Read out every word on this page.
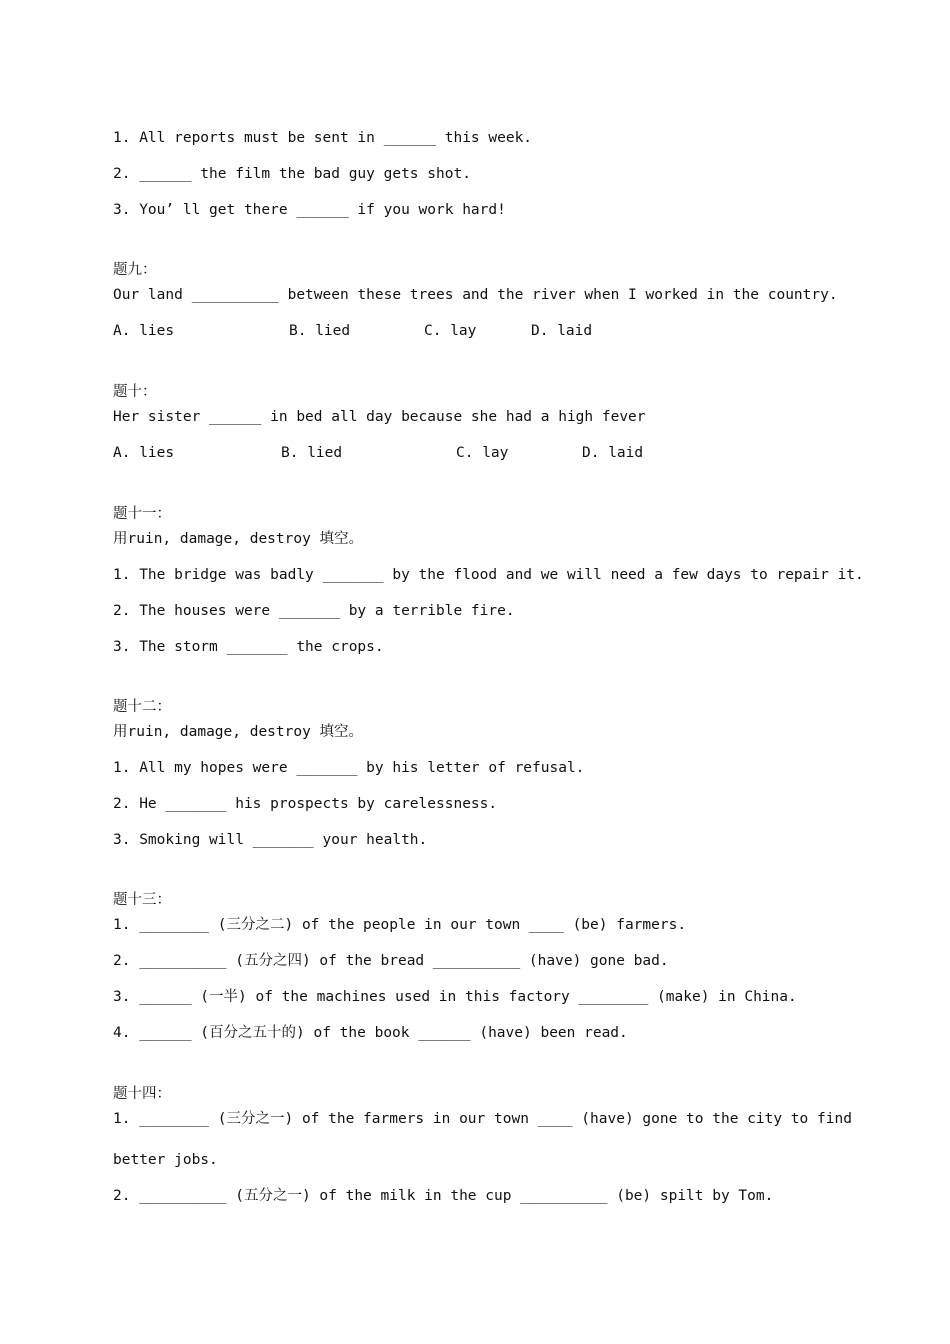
1. All reports must be sent in ______ this week.
2. ______ the film the bad guy gets shot.
3. You’ ll get there ______ if you work hard!
题九：
Our land __________ between these trees and the river when I worked in the country.
A. lies	B. lied	C. lay	D. laid
题十：
Her sister ______ in bed all day because she had a high fever
A. lies	B. lied	C. lay	D. laid
题十一：
用ruin, damage, destroy 填空。
1. The bridge was badly _______ by the flood and we will need a few days to repair it.
2. The houses were _______ by a terrible fire.
3. The storm _______ the crops.
题十二：
用ruin, damage, destroy 填空。
1. All my hopes were _______ by his letter of refusal.
2. He _______ his prospects by carelessness.
3. Smoking will _______ your health.
题十三：
1. ________ (三分之二) of the people in our town ____ (be) farmers.
2. __________ (五分之四) of the bread __________ (have) gone bad.
3. ______ (一半) of the machines used in this factory ________ (make) in China.
4. ______ (百分之五十的) of the book ______ (have) been read.
题十四：
1. ________ (三分之一) of the farmers in our town ____ (have) gone to the city to find
better jobs.
2. __________ (五分之一) of the milk in the cup __________ (be) spilt by Tom.
